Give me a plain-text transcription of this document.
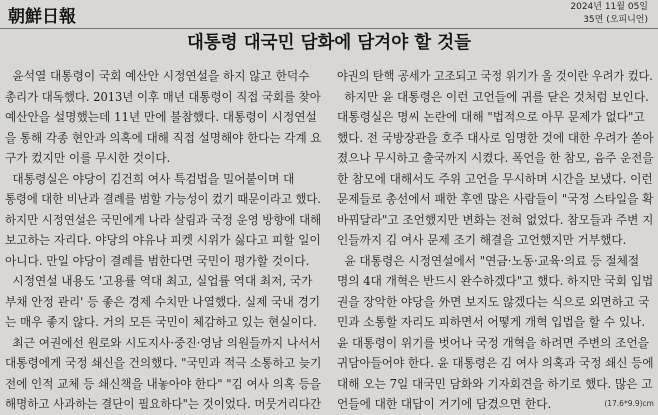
朝鮮日報	2024년 11월 05일
35면 (오피니언)
대통령 대국민 담화에 담겨야 할 것들
윤석열 대통령이 국회 예산안 시정연설을 하지 않고 한덕수
총리가 대독했다. 2013년 이후 매년 대통령이 직접 국회를 찾아
예산안을 설명했는데 11년 만에 불참했다. 대통령이 시정연설
을 통해 각종 현안과 의혹에 대해 직접 설명해야 한다는 각계 요
구가 컸지만 이를 무시한 것이다.
대통령실은 야당이 김건희 여사 특검법을 밀어붙이며 대
통령에 대한 비난과 결례를 범할 가능성이 컸기 때문이라고 했다.
하지만 시정연설은 국민에게 나라 살림과 국정 운영 방향에 대해
보고하는 자리다. 야당의 야유나 피켓 시위가 싫다고 피할 일이
아니다. 만일 야당이 결례를 범한다면 국민이 평가할 것이다.
시정연설 내용도 '고용률 역대 최고, 실업률 역대 최저, 국가
부채 안정 관리' 등 좋은 경제 수치만 나열했다. 실제 국내 경기
는 매우 좋지 않다. 거의 모든 국민이 체감하고 있는 현실이다.
최근 여권에선 원로와 시도지사·중진·영남 의원들까지 나서서
대통령에게 국정 쇄신을 건의했다. "국민과 적극 소통하고 늦기
전에 인적 교체 등 쇄신책을 내놓아야 한다" "김 여사 의혹 등을
해명하고 사과하는 결단이 필요하다"는 것이었다. 머뭇거리다간
야권의 탄핵 공세가 고조되고 국정 위기가 올 것이란 우려가 컸다.
하지만 윤 대통령은 이런 고언들에 귀를 닫은 것처럼 보인다.
대통령실은 명씨 논란에 대해 "법적으로 아무 문제가 없다"고
했다. 전 국방장관을 호주 대사로 임명한 것에 대한 우려가 쏟아
졌으나 무시하고 출국까지 시켰다. 폭언을 한 참모, 음주 운전을
한 참모에 대해서도 주위 고언을 무시하며 시간을 보냈다. 이런
문제들로 총선에서 패한 후엔 많은 사람들이 "국정 스타일을 확
바꿔달라"고 조언했지만 변화는 전혀 없었다. 참모들과 주변 지
인들까지 김 여사 문제 조기 해결을 고언했지만 거부했다.
윤 대통령은 시정연설에서 "연금·노동·교육·의료 등 절체절
명의 4대 개혁은 반드시 완수하겠다"고 했다. 하지만 국회 입법
권을 장악한 야당을 外면 보지도 않겠다는 식으로 외면하고 국
민과 소통할 자리도 피하면서 어떻게 개혁 입법을 할 수 있나.
윤 대통령이 위기를 벗어나 국정 개혁을 하려면 주변의 조언을
귀담아들어야 한다. 윤 대통령은 김 여사 의혹과 국정 쇄신 등에
대해 오는 7일 대국민 담화와 기자회견을 하기로 했다. 많은 고
언들에 대한 대답이 거기에 담겼으면 한다.	(17.6*9.9)cm
